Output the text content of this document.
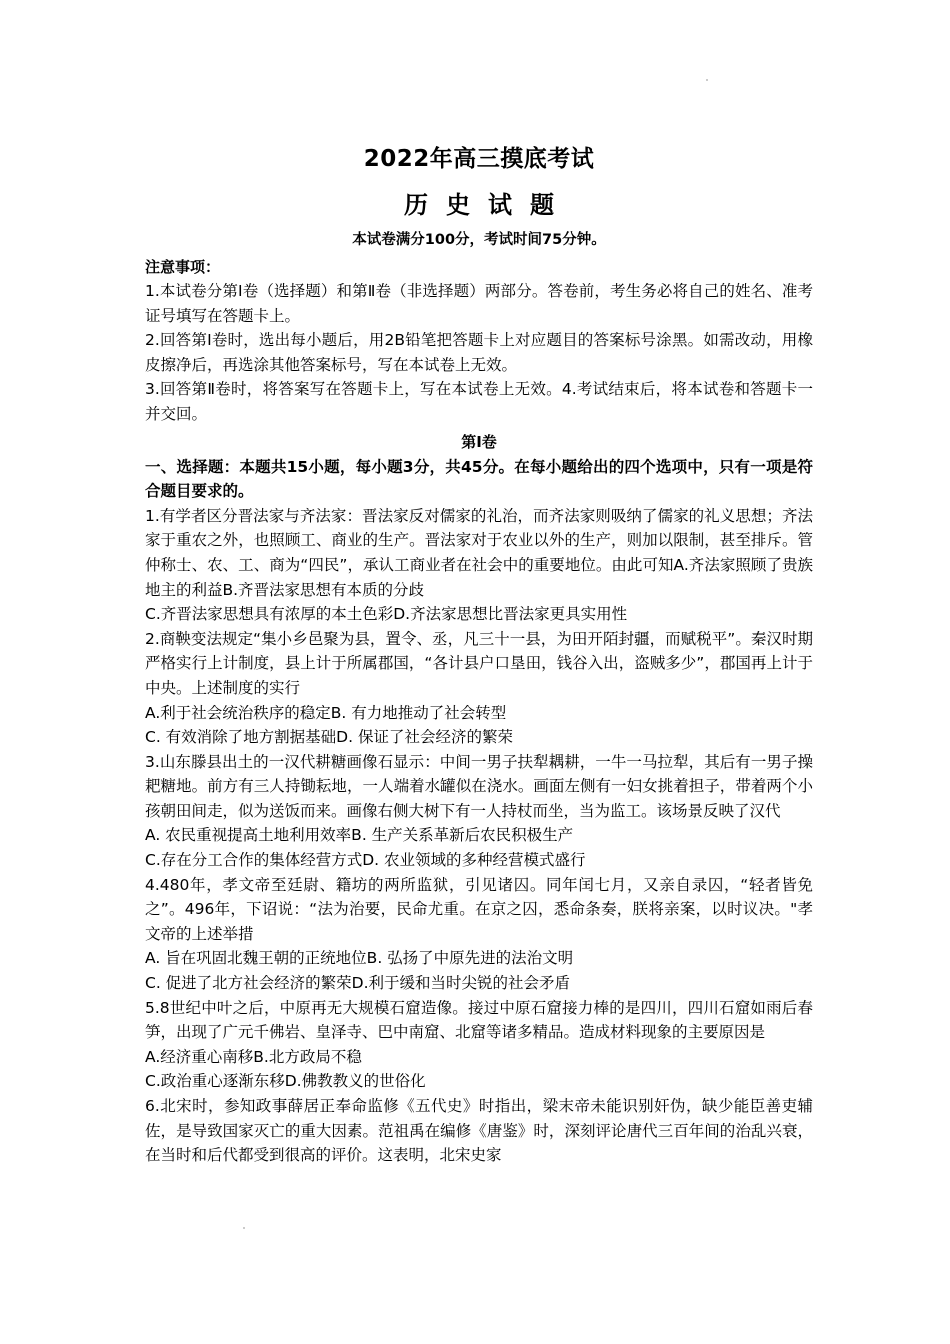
2022年高三摸底考试
历史试题

本试卷满分100分，考试时间75分钟。

注意事项：

1.本试卷分第Ⅰ卷（选择题）和第Ⅱ卷（非选择题）两部分。答卷前，考生务必将自己的姓名、准考证号填写在答题卡上。

2.回答第Ⅰ卷时，选出每小题后，用2B铅笔把答题卡上对应题目的答案标号涂黑。如需改动，用橡皮擦净后，再选涂其他答案标号，写在本试卷上无效。

3.回答第Ⅱ卷时，将答案写在答题卡上，写在本试卷上无效。4.考试结束后，将本试卷和答题卡一并交回。

第Ⅰ卷

一、选择题：本题共15小题，每小题3分，共45分。在每小题给出的四个选项中，只有一项是符合题目要求的。

1.有学者区分晋法家与齐法家：晋法家反对儒家的礼治，而齐法家则吸纳了儒家的礼义思想；齐法家于重农之外，也照顾工、商业的生产。晋法家对于农业以外的生产，则加以限制，甚至排斥。管仲称士、农、工、商为“四民”，承认工商业者在社会中的重要地位。由此可知A.齐法家照顾了贵族地主的利益B.齐晋法家思想有本质的分歧

C.齐晋法家思想具有浓厚的本土色彩D.齐法家思想比晋法家更具实用性

2.商鞅变法规定“集小乡邑聚为县，置令、丞，凡三十一县，为田开陌封疆，而赋税平”。秦汉时期严格实行上计制度，县上计于所属郡国，“各计县户口垦田，钱谷入出，盗贼多少”，郡国再上计于中央。上述制度的实行

A.利于社会统治秩序的稳定B. 有力地推动了社会转型

C. 有效消除了地方割据基础D. 保证了社会经济的繁荣

3.山东滕县出土的一汉代耕糖画像石显示：中间一男子扶犁耦耕，一牛一马拉犁，其后有一男子操耙糖地。前方有三人持锄耘地，一人端着水罐似在浇水。画面左侧有一妇女挑着担子，带着两个小孩朝田间走，似为送饭而来。画像右侧大树下有一人持杖而坐，当为监工。该场景反映了汉代

A. 农民重视提高土地利用效率B. 生产关系革新后农民积极生产

C.存在分工合作的集体经营方式D. 农业领域的多种经营模式盛行

4.480年，孝文帝至廷尉、籍坊的两所监狱，引见诸囚。同年闰七月，又亲自录囚，“轻者皆免之”。496年，下诏说：“法为治要，民命尤重。在京之囚，悉命条奏，朕将亲案，以时议决。"孝文帝的上述举措

A. 旨在巩固北魏王朝的正统地位B. 弘扬了中原先进的法治文明

C. 促进了北方社会经济的繁荣D.利于缓和当时尖锐的社会矛盾

5.8世纪中叶之后，中原再无大规模石窟造像。接过中原石窟接力棒的是四川，四川石窟如雨后春笋，出现了广元千佛岩、皇泽寺、巴中南窟、北窟等诸多精品。造成材料现象的主要原因是

A.经济重心南移B.北方政局不稳

C.政治重心逐渐东移D.佛教教义的世俗化

6.北宋时，参知政事薛居正奉命监修《五代史》时指出，梁末帝未能识别奸伪，缺少能臣善吏辅佐，是导致国家灭亡的重大因素。范祖禹在编修《唐鉴》时，深刻评论唐代三百年间的治乱兴衰，在当时和后代都受到很高的评价。这表明，北宋史家
